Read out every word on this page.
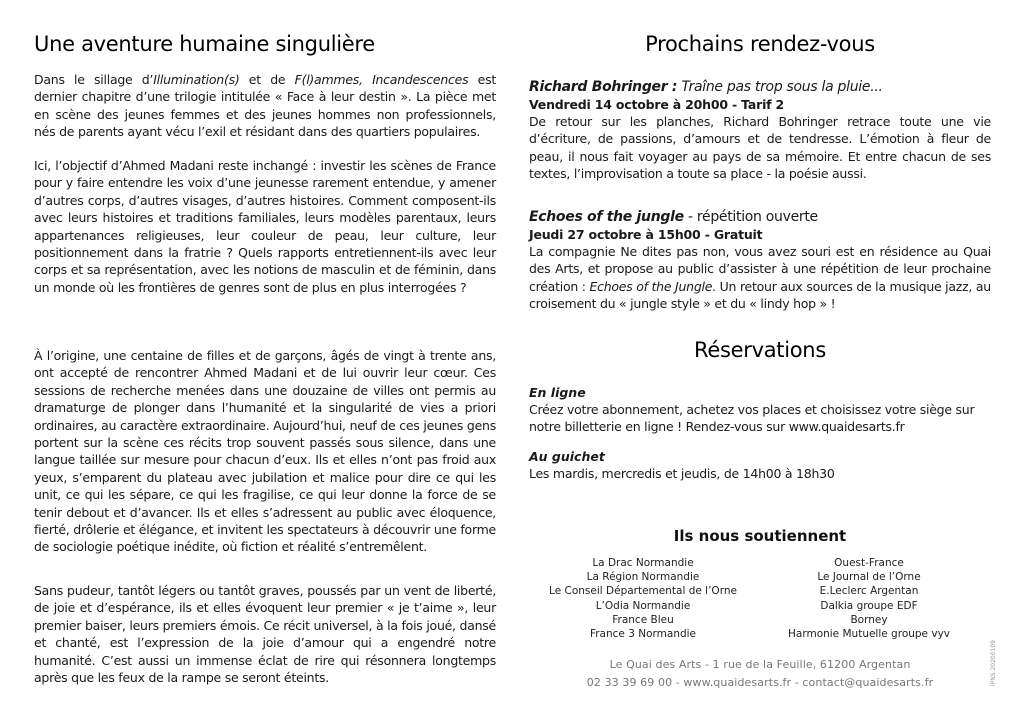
Une aventure humaine singulière

Dans le sillage d’Illumination(s) et de F(l)ammes, Incandescences est dernier chapitre d’une trilogie intitulée « Face à leur destin ». La pièce met en scène des jeunes femmes et des jeunes hommes non professionnels, nés de parents ayant vécu l’exil et résidant dans des quartiers populaires.

Ici, l’objectif d’Ahmed Madani reste inchangé : investir les scènes de France pour y faire entendre les voix d’une jeunesse rarement entendue, y amener d’autres corps, d’autres visages, d’autres histoires. Comment composent-ils avec leurs histoires et traditions familiales, leurs modèles parentaux, leurs appartenances religieuses, leur couleur de peau, leur culture, leur positionnement dans la fratrie ? Quels rapports entretiennent-ils avec leur corps et sa représentation, avec les notions de masculin et de féminin, dans un monde où les frontières de genres sont de plus en plus interrogées ?

À l’origine, une centaine de filles et de garçons, âgés de vingt à trente ans, ont accepté de rencontrer Ahmed Madani et de lui ouvrir leur cœur. Ces sessions de recherche menées dans une douzaine de villes ont permis au dramaturge de plonger dans l’humanité et la singularité de vies a priori ordinaires, au caractère extraordinaire. Aujourd’hui, neuf de ces jeunes gens portent sur la scène ces récits trop souvent passés sous silence, dans une langue taillée sur mesure pour chacun d’eux. Ils et elles n’ont pas froid aux yeux, s’emparent du plateau avec jubilation et malice pour dire ce qui les unit, ce qui les sépare, ce qui les fragilise, ce qui leur donne la force de se tenir debout et d’avancer. Ils et elles s’adressent au public avec éloquence, fierté, drôlerie et élégance, et invitent les spectateurs à découvrir une forme de sociologie poétique inédite, où fiction et réalité s’entremêlent.

Sans pudeur, tantôt légers ou tantôt graves, poussés par un vent de liberté, de joie et d’espérance, ils et elles évoquent leur premier « je t’aime », leur premier baiser, leurs premiers émois. Ce récit universel, à la fois joué, dansé et chanté, est l’expression de la joie d’amour qui a engendré notre humanité. C’est aussi un immense éclat de rire qui résonnera longtemps après que les feux de la rampe se seront éteints.

Prochains rendez-vous
Richard Bohringer : Traîne pas trop sous la pluie...
Vendredi 14 octobre à 20h00 - Tarif 2
De retour sur les planches, Richard Bohringer retrace toute une vie d’écriture, de passions, d’amours et de tendresse. L’émotion à fleur de peau, il nous fait voyager au pays de sa mémoire. Et entre chacun de ses textes, l’improvisation a toute sa place - la poésie aussi.
Echoes of the jungle - répétition ouverte
Jeudi 27 octobre à 15h00 - Gratuit
La compagnie Ne dites pas non, vous avez souri est en résidence au Quai des Arts, et propose au public d’assister à une répétition de leur prochaine création : Echoes of the Jungle. Un retour aux sources de la musique jazz, au croisement du « jungle style » et du « lindy hop » !
Réservations
En ligne
Créez votre abonnement, achetez vos places et choisissez votre siège sur notre billetterie en ligne ! Rendez-vous sur www.quaidesarts.fr
Au guichet
Les mardis, mercredis et jeudis, de 14h00 à 18h30
Ils nous soutiennent
La Drac Normandie
La Région Normandie
Le Conseil Départemental de l’Orne
L’Odia Normandie
France Bleu
France 3 Normandie
Ouest-France
Le Journal de l’Orne
E.Leclerc Argentan
Dalkia groupe EDF
Borney
Harmonie Mutuelle groupe vyv
Le Quai des Arts - 1 rue de la Feuille, 61200 Argentan
02 33 39 69 00 - www.quaidesarts.fr - contact@quaidesarts.fr	IPNS 20200109
